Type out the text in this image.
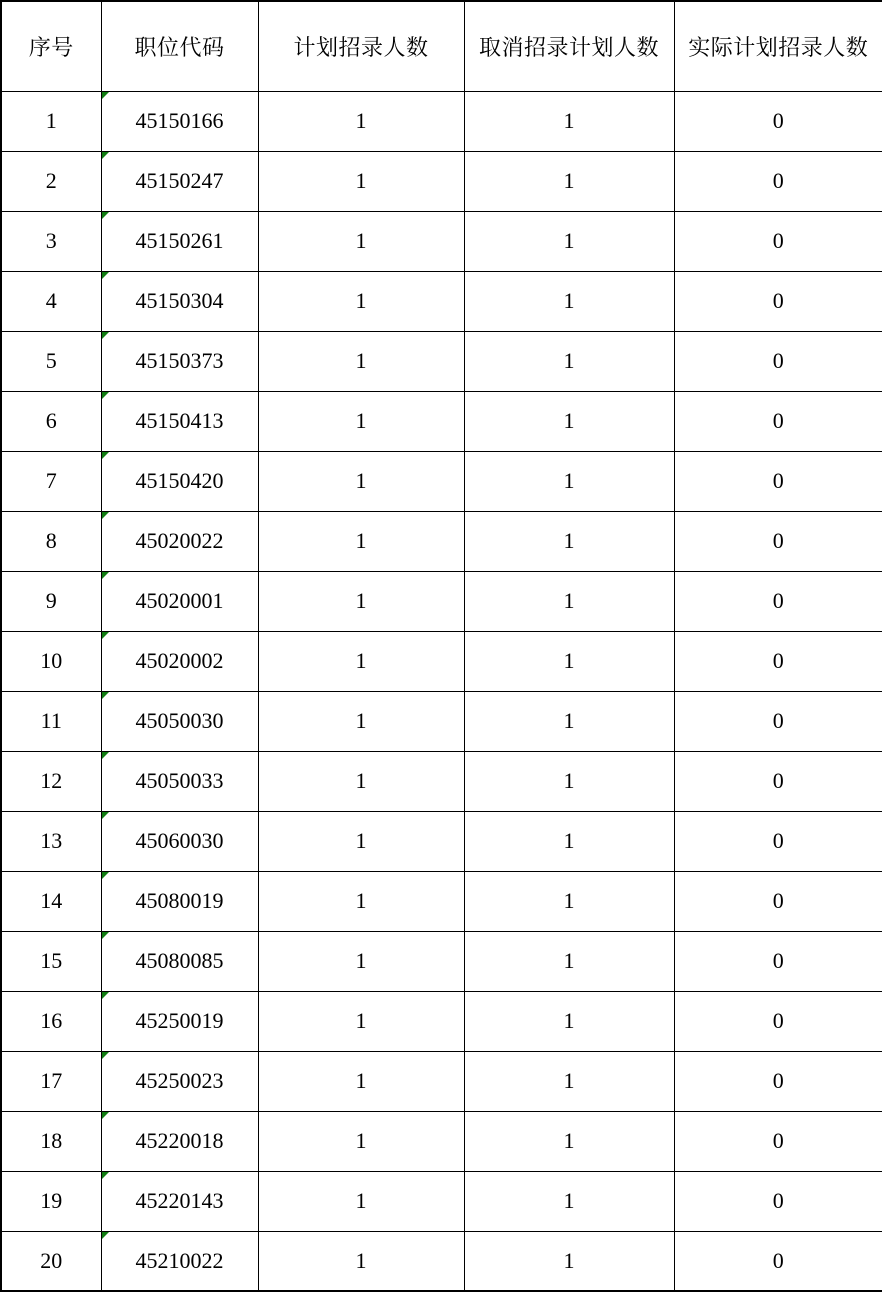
序号	职位代码	计划招录人数	取消招录计划人数	实际计划招录人数
1	45150166	1	1	0
2	45150247	1	1	0
3	45150261	1	1	0
4	45150304	1	1	0
5	45150373	1	1	0
6	45150413	1	1	0
7	45150420	1	1	0
8	45020022	1	1	0
9	45020001	1	1	0
10	45020002	1	1	0
11	45050030	1	1	0
12	45050033	1	1	0
13	45060030	1	1	0
14	45080019	1	1	0
15	45080085	1	1	0
16	45250019	1	1	0
17	45250023	1	1	0
18	45220018	1	1	0
19	45220143	1	1	0
20	45210022	1	1	0
